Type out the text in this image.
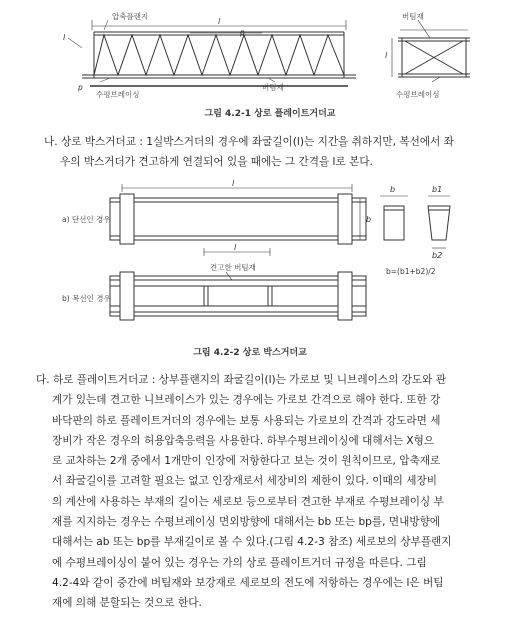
압축플랜지
l
p
l
p
수평브레이싱
버팀재
l
버팀재
수평브레이싱
그림 4.2-1 상로 플레이트거더교
나. 상로 박스거더교 : 1실박스거더의 경우에 좌굴길이(l)는 지간을 취하지만, 복선에서 좌
우의 박스거더가 견고하게 연결되어 있을 때에는 그 간격을 l로 본다.
a) 단선인 경우
b) 복선인 경우
l
b
l
견고한 버팀재
b	b1
b2
b=(b1+b2)/2
그림 4.2-2 상로 박스거더교
다. 하로 플레이트거더교 : 상부플랜지의 좌굴길이(l)는 가로보 및 니브레이스의 강도와 관
계가 있는데 견고한 니브레이스가 있는 경우에는 가로보 간격으로 해야 한다. 또한 강
바닥판의 하로 플레이트거더의 경우에는 보통 사용되는 가로보의 간격과 강도라면 세
장비가 작은 경우의 허용압축응력을 사용한다. 하부수평브레이싱에 대해서는 X형으
로 교차하는 2개 중에서 1개만이 인장에 저항한다고 보는 것이 원칙이므로, 압축재로
서 좌굴길이를 고려할 필요는 없고 인장재로서 세장비의 제한이 있다. 이때의 세장비
의 계산에 사용하는 부재의 길이는 세로보 등으로부터 견고한 부재로 수평브레이싱 부
재를 지지하는 경우는 수평브레이싱 면외방향에 대해서는 bb 또는 bp를, 면내방향에
대해서는 ab 또는 bp를 부재길이로 볼 수 있다.(그림 4.2-3 참조) 세로보의 상부플랜지
에 수평브레이싱이 붙어 있는 경우는 가의 상로 플레이트거더 규정을 따른다. 그림
4.2-4와 같이 중간에 버팀재와 보강재로 세로보의 전도에 저항하는 경우에는 l은 버팀
재에 의해 분할되는 것으로 한다.
